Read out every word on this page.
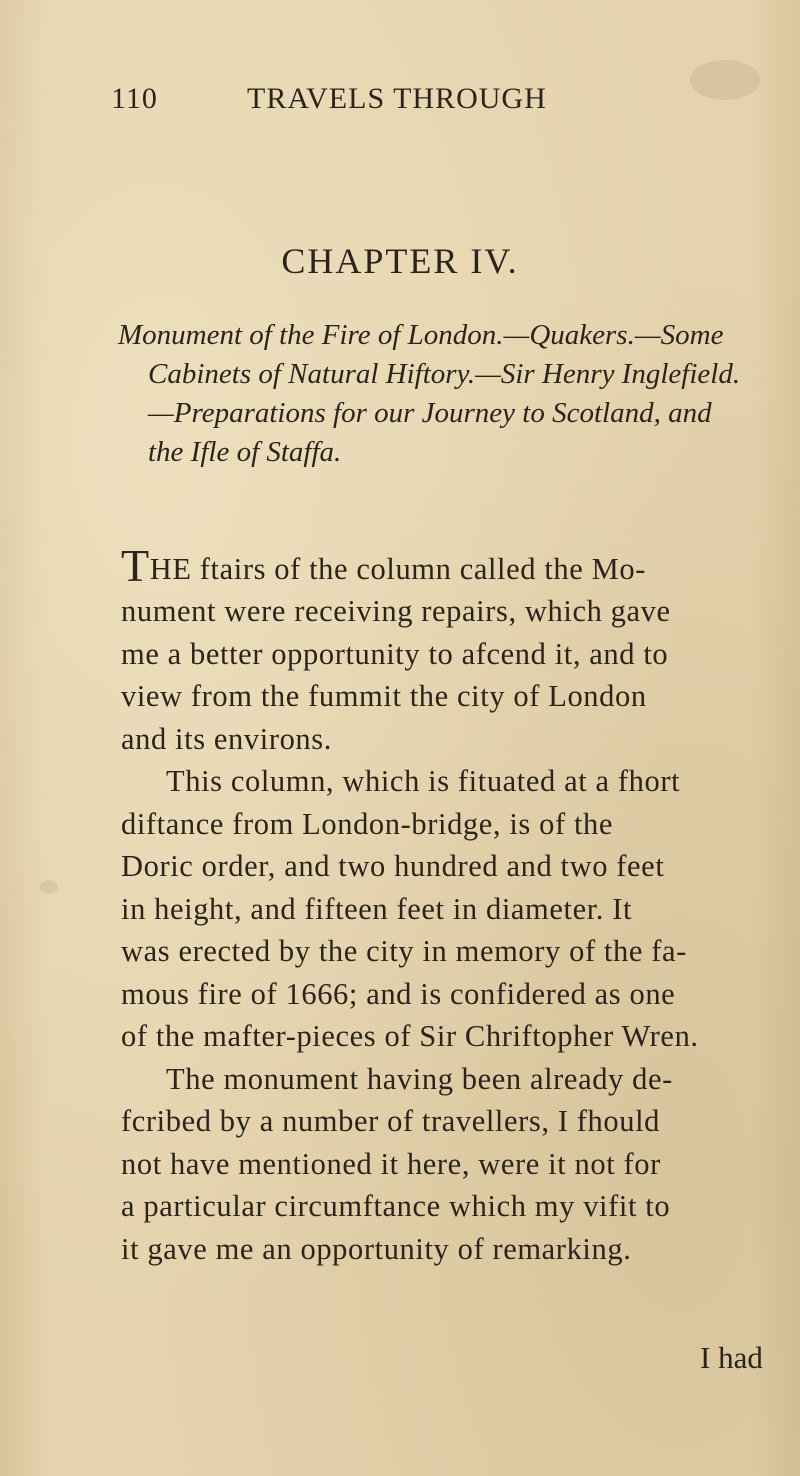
110	TRAVELS THROUGH
CHAPTER IV.
Monument of the Fire of London.—Quakers.—Some
Cabinets of Natural Hiftory.—Sir Henry Inglefield.
—Preparations for our Journey to Scotland, and
the Ifle of Staffa.
THE ftairs of the column called the Mo-
nument were receiving repairs, which gave
me a better opportunity to afcend it, and to
view from the fummit the city of London
and its environs.
This column, which is fituated at a fhort
diftance from London-bridge, is of the
Doric order, and two hundred and two feet
in height, and fifteen feet in diameter. It
was erected by the city in memory of the fa-
mous fire of 1666; and is confidered as one
of the mafter-pieces of Sir Chriftopher Wren.
The monument having been already de-
fcribed by a number of travellers, I fhould
not have mentioned it here, were it not for
a particular circumftance which my vifit to
it gave me an opportunity of remarking.
I had
